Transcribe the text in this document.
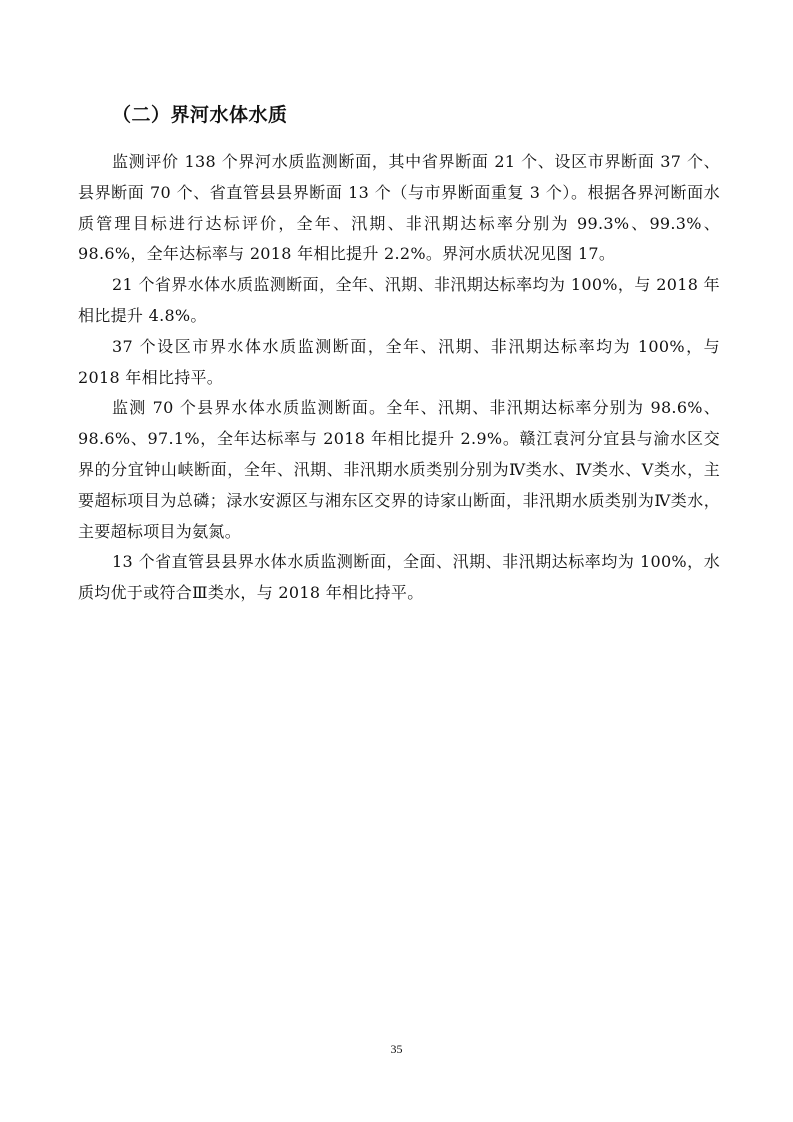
（二）界河水体水质

监测评价 138 个界河水质监测断面，其中省界断面 21 个、设区市界断面 37 个、县界断面 70 个、省直管县县界断面 13 个（与市界断面重复 3 个）。根据各界河断面水质管理目标进行达标评价，全年、汛期、非汛期达标率分别为 99.3%、99.3%、98.6%，全年达标率与 2018 年相比提升 2.2%。界河水质状况见图 17。

21 个省界水体水质监测断面，全年、汛期、非汛期达标率均为 100%，与 2018 年相比提升 4.8%。

37 个设区市界水体水质监测断面，全年、汛期、非汛期达标率均为 100%，与 2018 年相比持平。

监测 70 个县界水体水质监测断面。全年、汛期、非汛期达标率分别为 98.6%、98.6%、97.1%，全年达标率与 2018 年相比提升 2.9%。赣江袁河分宜县与渝水区交界的分宜钟山峡断面，全年、汛期、非汛期水质类别分别为Ⅳ类水、Ⅳ类水、Ⅴ类水，主要超标项目为总磷；渌水安源区与湘东区交界的诗家山断面，非汛期水质类别为Ⅳ类水，主要超标项目为氨氮。

13 个省直管县县界水体水质监测断面，全面、汛期、非汛期达标率均为 100%，水质均优于或符合Ⅲ类水，与 2018 年相比持平。

35
